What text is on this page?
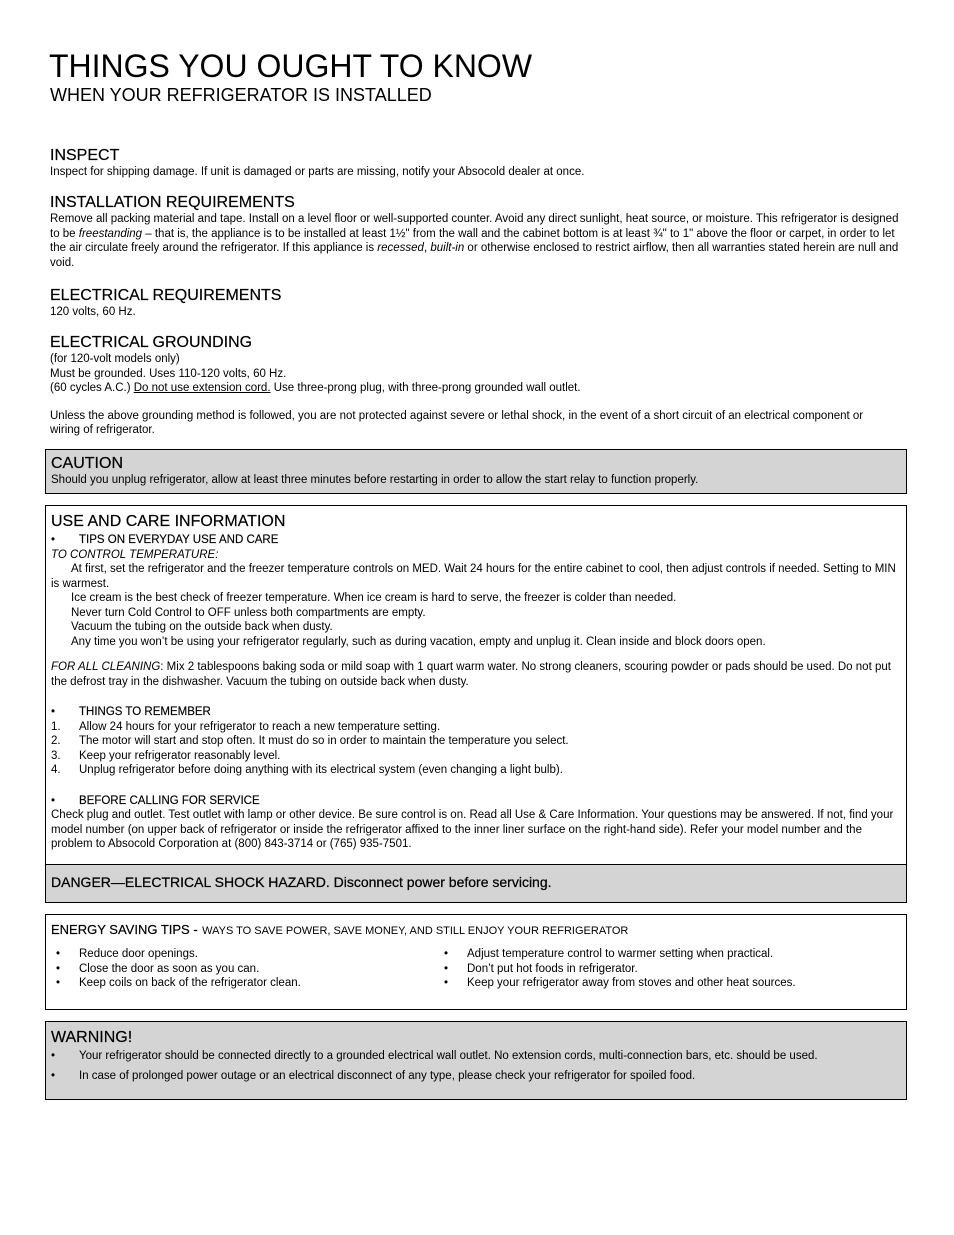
THINGS YOU OUGHT TO KNOW
WHEN YOUR REFRIGERATOR IS INSTALLED
INSPECT
Inspect for shipping damage. If unit is damaged or parts are missing, notify your Absocold dealer at once.
INSTALLATION REQUIREMENTS
Remove all packing material and tape. Install on a level floor or well-supported counter. Avoid any direct sunlight, heat source, or moisture. This refrigerator is designed to be freestanding – that is, the appliance is to be installed at least 1½" from the wall and the cabinet bottom is at least ¾" to 1" above the floor or carpet, in order to let the air circulate freely around the refrigerator. If this appliance is recessed, built-in or otherwise enclosed to restrict airflow, then all warranties stated herein are null and void.
ELECTRICAL REQUIREMENTS
120 volts, 60 Hz.
ELECTRICAL GROUNDING
(for 120-volt models only)
Must be grounded. Uses 110-120 volts, 60 Hz.
(60 cycles A.C.) Do not use extension cord. Use three-prong plug, with three-prong grounded wall outlet.
Unless the above grounding method is followed, you are not protected against severe or lethal shock, in the event of a short circuit of an electrical component or wiring of refrigerator.
CAUTION
Should you unplug refrigerator, allow at least three minutes before restarting in order to allow the start relay to function properly.
USE AND CARE INFORMATION
• TIPS ON EVERYDAY USE AND CARE
TO CONTROL TEMPERATURE:
At first, set the refrigerator and the freezer temperature controls on MED. Wait 24 hours for the entire cabinet to cool, then adjust controls if needed. Setting to MIN is warmest.
Ice cream is the best check of freezer temperature. When ice cream is hard to serve, the freezer is colder than needed.
Never turn Cold Control to OFF unless both compartments are empty.
Vacuum the tubing on the outside back when dusty.
Any time you won’t be using your refrigerator regularly, such as during vacation, empty and unplug it. Clean inside and block doors open.
FOR ALL CLEANING: Mix 2 tablespoons baking soda or mild soap with 1 quart warm water. No strong cleaners, scouring powder or pads should be used. Do not put the defrost tray in the dishwasher. Vacuum the tubing on outside back when dusty.
• THINGS TO REMEMBER
1. Allow 24 hours for your refrigerator to reach a new temperature setting.
2. The motor will start and stop often. It must do so in order to maintain the temperature you select.
3. Keep your refrigerator reasonably level.
4. Unplug refrigerator before doing anything with its electrical system (even changing a light bulb).
• BEFORE CALLING FOR SERVICE
Check plug and outlet. Test outlet with lamp or other device. Be sure control is on. Read all Use & Care Information. Your questions may be answered. If not, find your model number (on upper back of refrigerator or inside the refrigerator affixed to the inner liner surface on the right-hand side). Refer your model number and the problem to Absocold Corporation at (800) 843-3714 or (765) 935-7501.
DANGER—ELECTRICAL SHOCK HAZARD. Disconnect power before servicing.
ENERGY SAVING TIPS - WAYS TO SAVE POWER, SAVE MONEY, AND STILL ENJOY YOUR REFRIGERATOR
• Reduce door openings.
• Close the door as soon as you can.
• Keep coils on back of the refrigerator clean.
• Adjust temperature control to warmer setting when practical.
• Don’t put hot foods in refrigerator.
• Keep your refrigerator away from stoves and other heat sources.
WARNING!
• Your refrigerator should be connected directly to a grounded electrical wall outlet. No extension cords, multi-connection bars, etc. should be used.
• In case of prolonged power outage or an electrical disconnect of any type, please check your refrigerator for spoiled food.
